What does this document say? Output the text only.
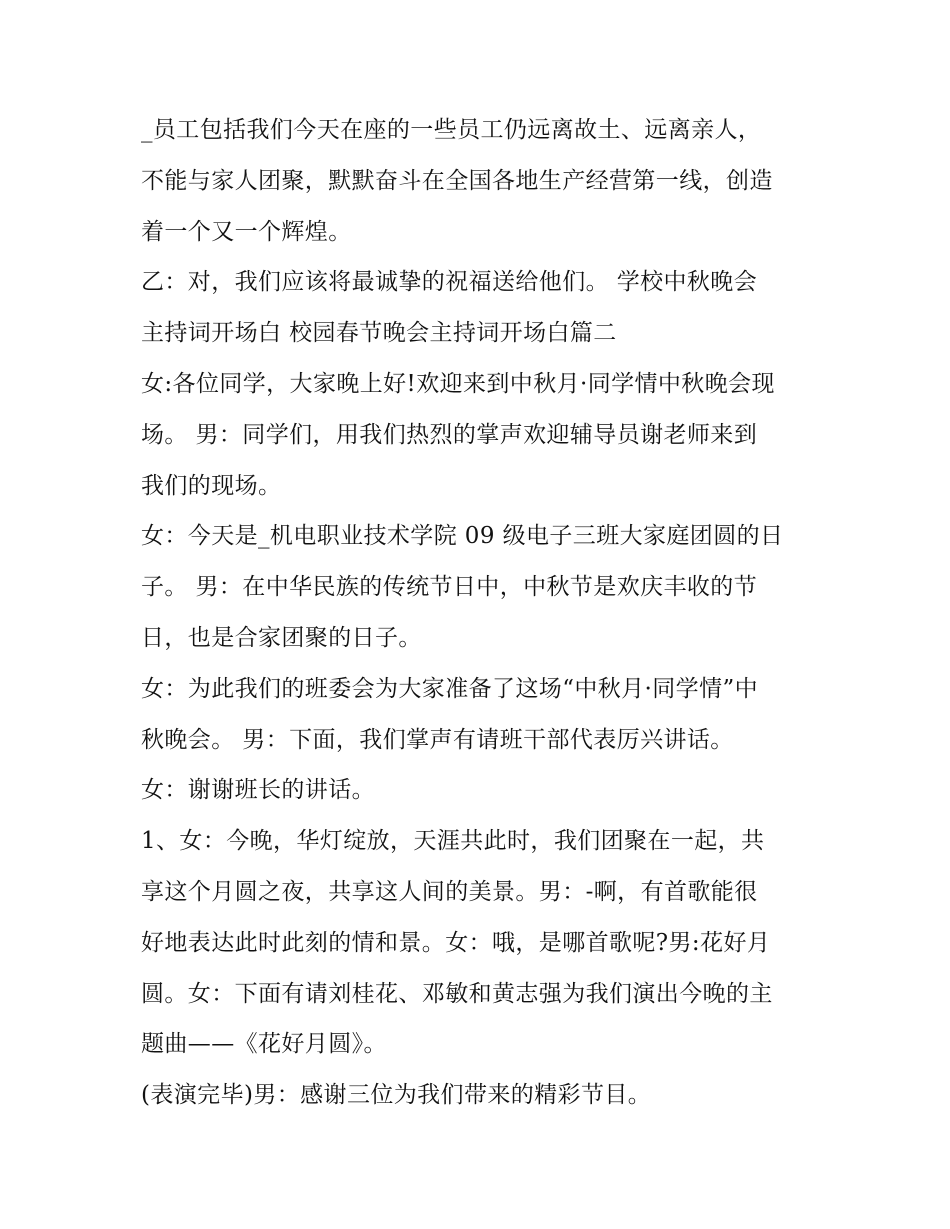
_员工包括我们今天在座的一些员工仍远离故土、远离亲人，
不能与家人团聚，默默奋斗在全国各地生产经营第一线，创造
着一个又一个辉煌。
乙：对，我们应该将最诚挚的祝福送给他们。 学校中秋晚会
主持词开场白 校园春节晚会主持词开场白篇二
女:各位同学，大家晚上好!欢迎来到中秋月·同学情中秋晚会现
场。 男：同学们，用我们热烈的掌声欢迎辅导员谢老师来到
我们的现场。
女：今天是_机电职业技术学院 09 级电子三班大家庭团圆的日
子。 男：在中华民族的传统节日中，中秋节是欢庆丰收的节
日，也是合家团聚的日子。
女：为此我们的班委会为大家准备了这场“中秋月·同学情”中
秋晚会。 男：下面，我们掌声有请班干部代表厉兴讲话。
女：谢谢班长的讲话。
1、女：今晚，华灯绽放，天涯共此时，我们团聚在一起，共
享这个月圆之夜，共享这人间的美景。男：-啊，有首歌能很
好地表达此时此刻的情和景。女：哦，是哪首歌呢?男:花好月
圆。女：下面有请刘桂花、邓敏和黄志强为我们演出今晚的主
题曲——《花好月圆》。
(表演完毕)男：感谢三位为我们带来的精彩节目。
